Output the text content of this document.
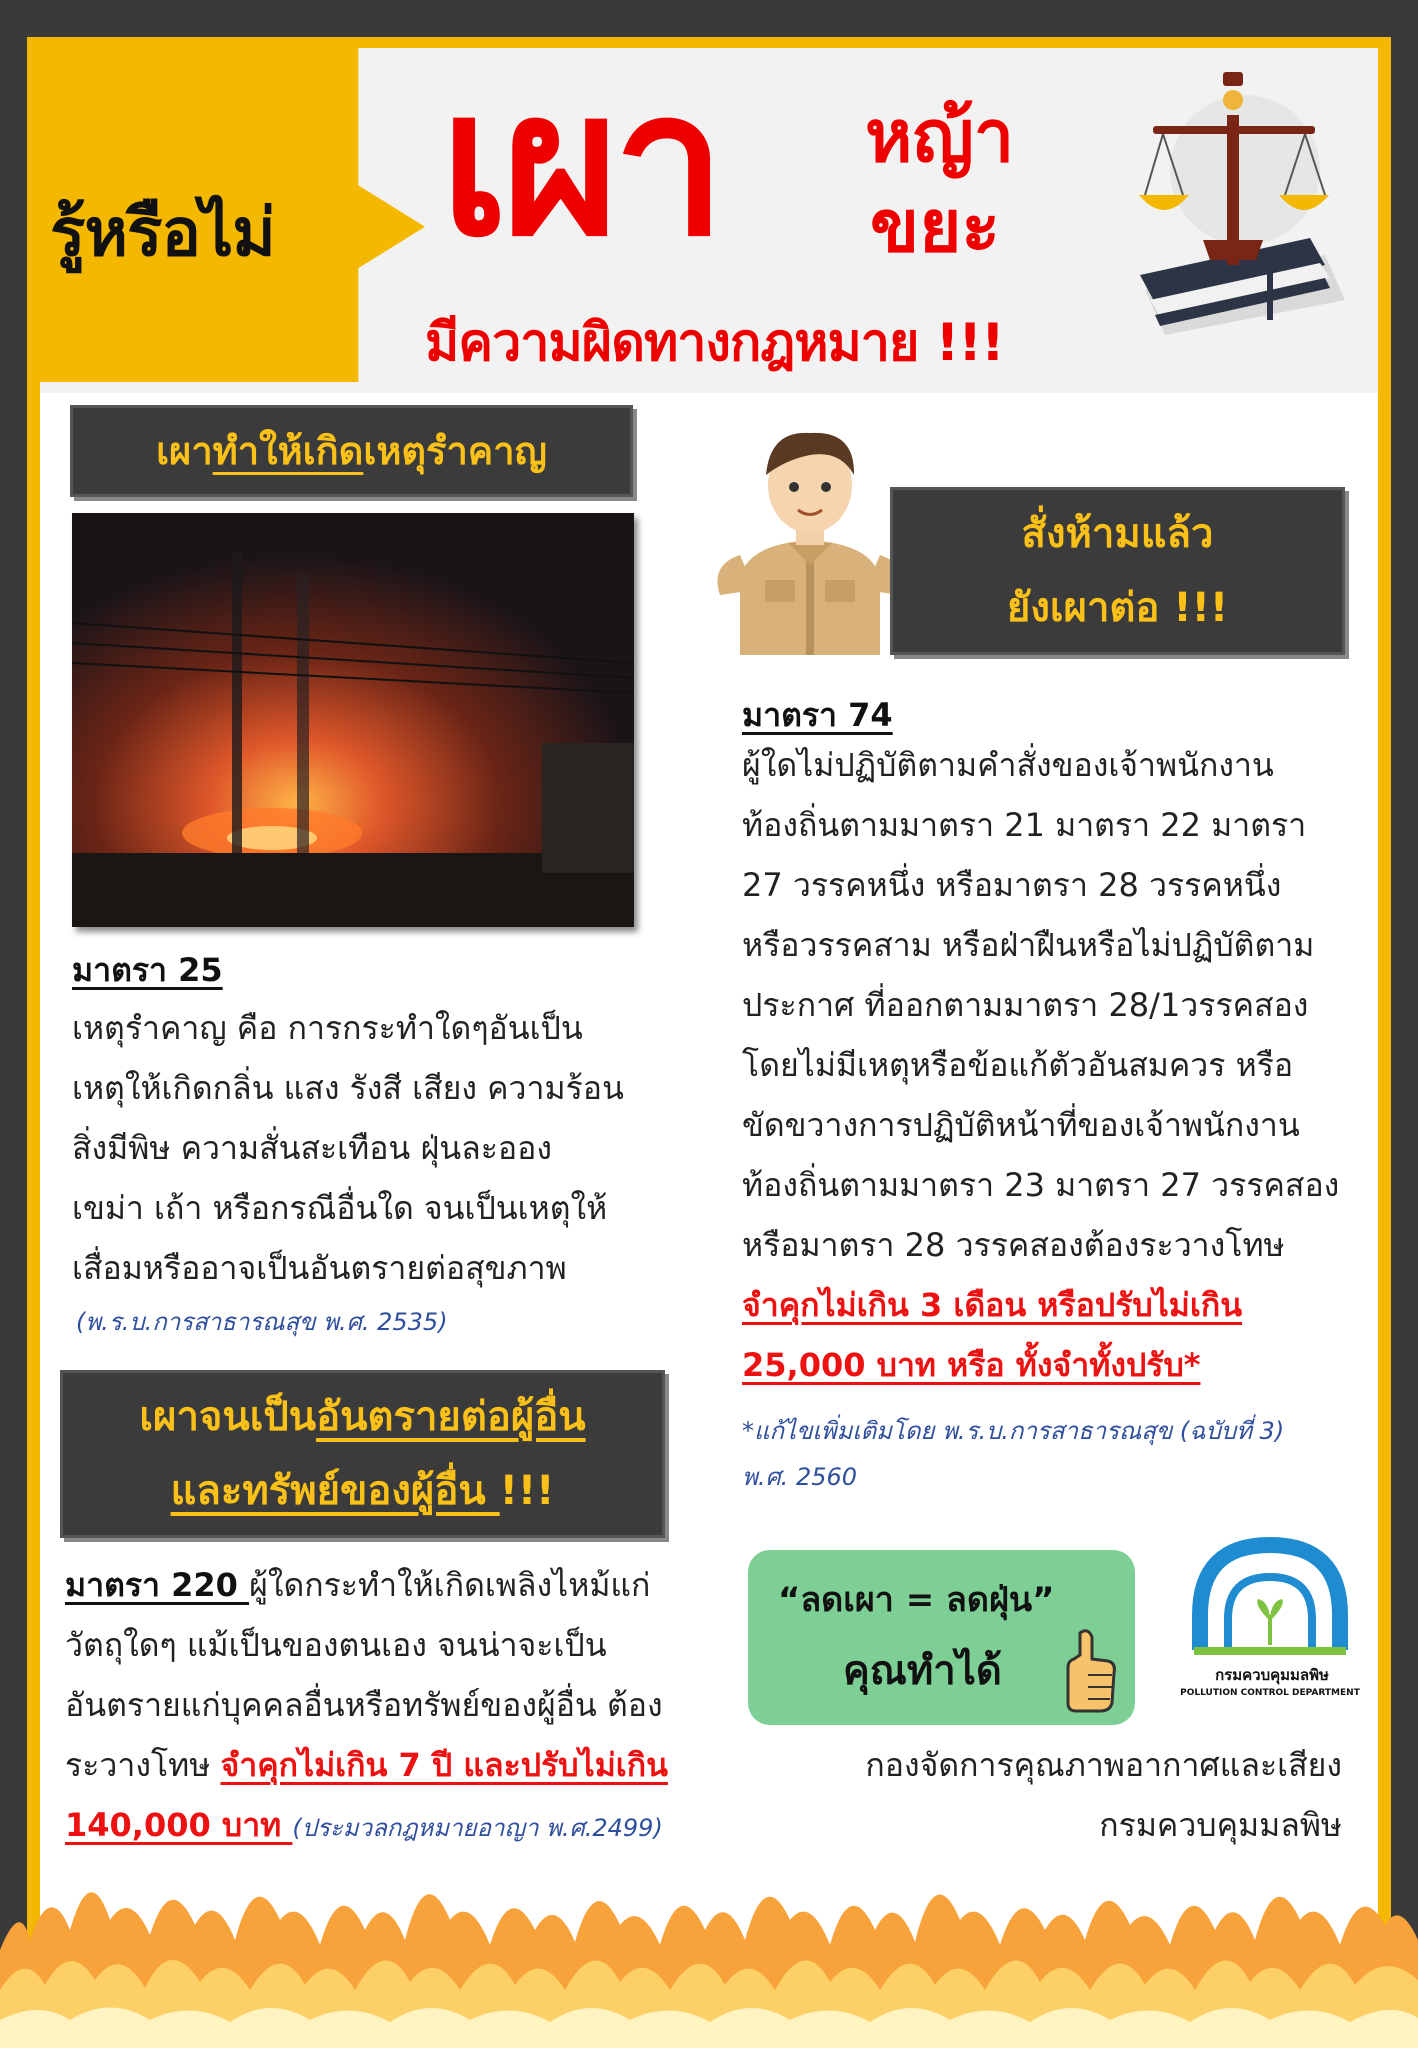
รู้หรือไม่ เผา หญ้า
ขยะ
มีความผิดทางกฎหมาย !!!
เผาทำให้เกิดเหตุรำคาญ
มาตรา 25
เหตุรำคาญ คือ การกระทำใดๆอันเป็น
เหตุให้เกิดกลิ่น แสง รังสี เสียง ความร้อน
สิ่งมีพิษ ความสั่นสะเทือน ฝุ่นละออง
เขม่า เถ้า หรือกรณีอื่นใด จนเป็นเหตุให้
เสื่อมหรืออาจเป็นอันตรายต่อสุขภาพ
(พ.ร.บ.การสาธารณสุข พ.ศ. 2535)
เผาจนเป็นอันตรายต่อผู้อื่น
และทรัพย์ของผู้อื่น !!!
มาตรา 220 ผู้ใดกระทำให้เกิดเพลิงไหม้แก่
วัตถุใดๆ แม้เป็นของตนเอง จนน่าจะเป็น
อันตรายแก่บุคคลอื่นหรือทรัพย์ของผู้อื่น ต้อง
ระวางโทษ จำคุกไม่เกิน 7 ปี และปรับไม่เกิน
140,000 บาท (ประมวลกฎหมายอาญา พ.ศ.2499)
สั่งห้ามแล้ว
ยังเผาต่อ !!!
มาตรา 74
ผู้ใดไม่ปฏิบัติตามคำสั่งของเจ้าพนักงาน
ท้องถิ่นตามมาตรา 21 มาตรา 22 มาตรา
27 วรรคหนึ่ง หรือมาตรา 28 วรรคหนึ่ง
หรือวรรคสาม หรือฝ่าฝืนหรือไม่ปฏิบัติตาม
ประกาศ ที่ออกตามมาตรา 28/1วรรคสอง
โดยไม่มีเหตุหรือข้อแก้ตัวอันสมควร หรือ
ขัดขวางการปฏิบัติหน้าที่ของเจ้าพนักงาน
ท้องถิ่นตามมาตรา 23 มาตรา 27 วรรคสอง
หรือมาตรา 28 วรรคสองต้องระวางโทษ
จำคุกไม่เกิน 3 เดือน หรือปรับไม่เกิน
25,000 บาท หรือ ทั้งจำทั้งปรับ*
*แก้ไขเพิ่มเติมโดย พ.ร.บ.การสาธารณสุข (ฉบับที่ 3)
พ.ศ. 2560
“ลดเผา = ลดฝุ่น”
คุณทำได้	กรมควบคุมมลพิษ
POLLUTION CONTROL DEPARTMENT
กองจัดการคุณภาพอากาศและเสียง
กรมควบคุมมลพิษ
